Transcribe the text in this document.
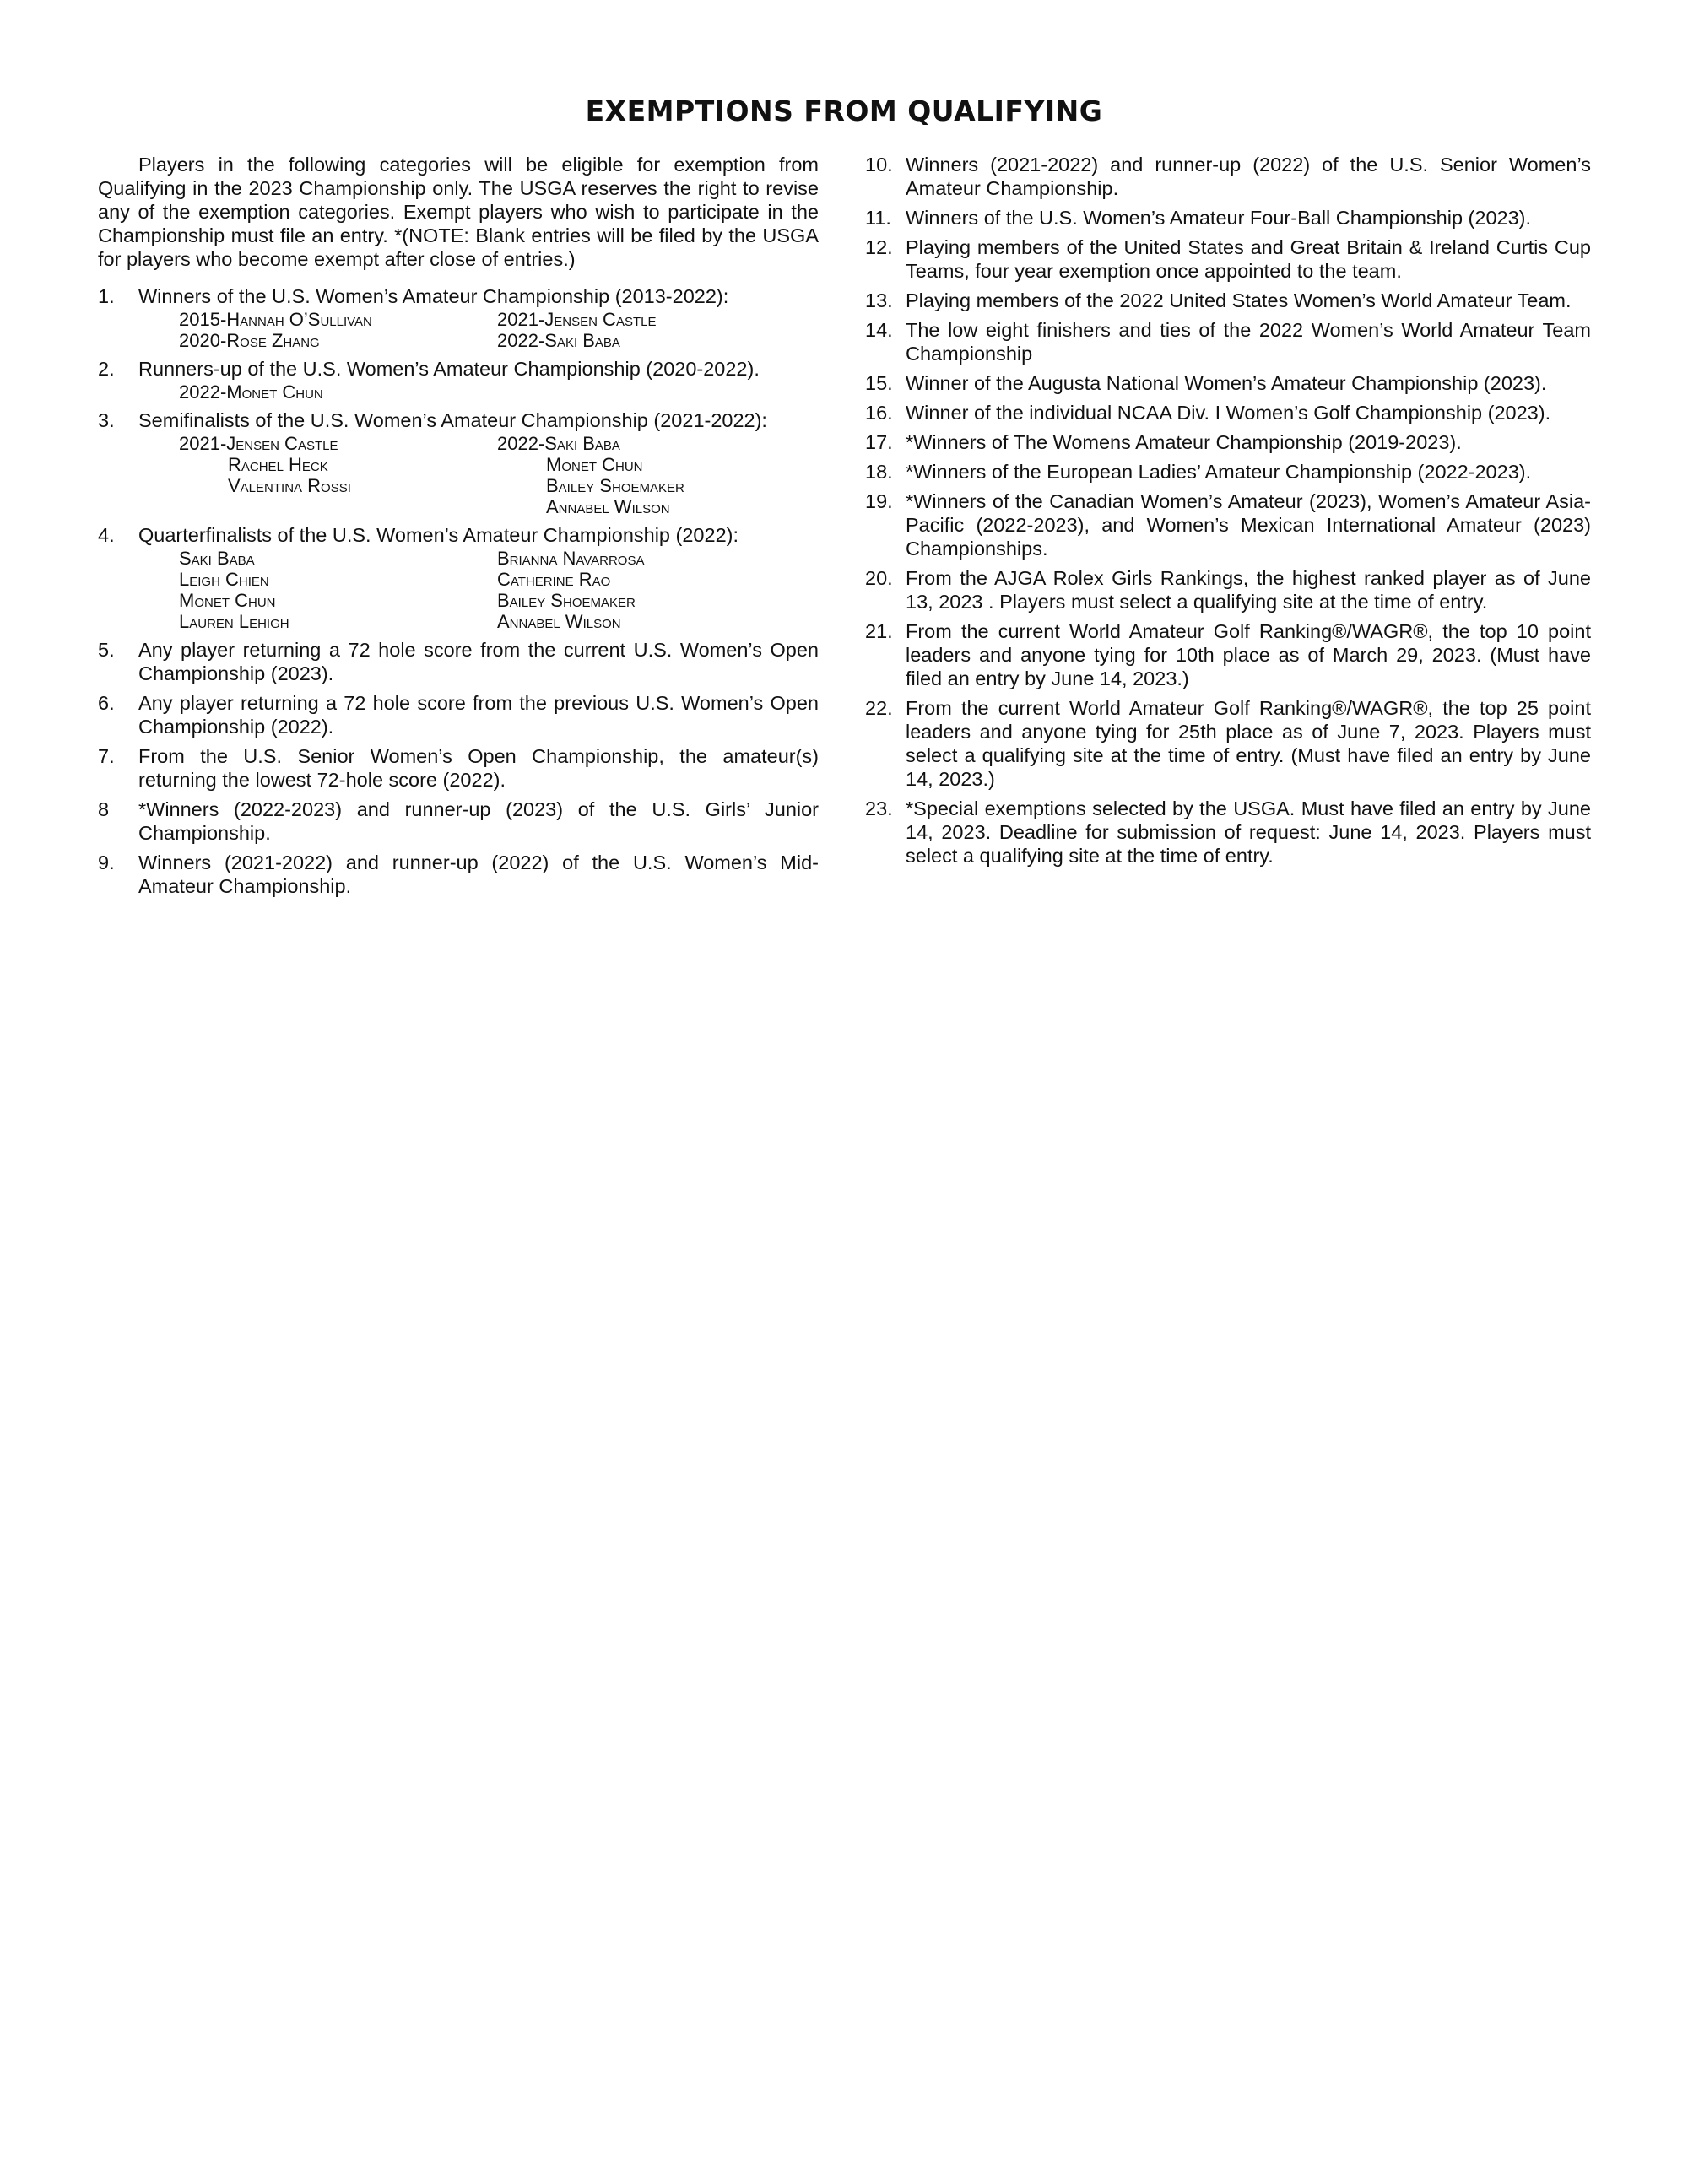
EXEMPTIONS FROM QUALIFYING

Players in the following categories will be eligible for exemption from Qualifying in the 2023 Championship only. The USGA reserves the right to revise any of the exemption categories. Exempt players who wish to participate in the Championship must file an entry. *(NOTE: Blank entries will be filed by the USGA for players who become exempt after close of entries.)

1. Winners of the U.S. Women’s Amateur Championship (2013-2022):
2015-Hannah O’Sullivan
2020-Rose Zhang
2021-Jensen Castle
2022-Saki Baba
2. Runners-up of the U.S. Women’s Amateur Championship (2020-2022).
2022-Monet Chun
3. Semifinalists of the U.S. Women’s Amateur Championship (2021-2022):
2021-Jensen Castle
Rachel Heck
Valentina Rossi
2022-Saki Baba
Monet Chun
Bailey Shoemaker
Annabel Wilson
4. Quarterfinalists of the U.S. Women’s Amateur Championship (2022):
Saki Baba
Leigh Chien
Monet Chun
Lauren Lehigh
Brianna Navarrosa
Catherine Rao
Bailey Shoemaker
Annabel Wilson
5. Any player returning a 72 hole score from the current U.S. Women’s Open Championship (2023).
6. Any player returning a 72 hole score from the previous U.S. Women’s Open Championship (2022).
7. From the U.S. Senior Women’s Open Championship, the amateur(s) returning the lowest 72-hole score (2022).
8 *Winners (2022-2023) and runner-up (2023) of the U.S. Girls’ Junior Championship.
9. Winners (2021-2022) and runner-up (2022) of the U.S. Women’s Mid-Amateur Championship.
10. Winners (2021-2022) and runner-up (2022) of the U.S. Senior Women’s Amateur Championship.
11. Winners of the U.S. Women’s Amateur Four-Ball Championship (2023).
12. Playing members of the United States and Great Britain & Ireland Curtis Cup Teams, four year exemption once appointed to the team.
13. Playing members of the 2022 United States Women’s World Amateur Team.
14. The low eight finishers and ties of the 2022 Women’s World Amateur Team Championship
15. Winner of the Augusta National Women’s Amateur Championship (2023).
16. Winner of the individual NCAA Div. I Women’s Golf Championship (2023).
17. *Winners of The Womens Amateur Championship (2019-2023).
18. *Winners of the European Ladies’ Amateur Championship (2022-2023).
19. *Winners of the Canadian Women’s Amateur (2023), Women’s Amateur Asia-Pacific (2022-2023), and Women’s Mexican International Amateur (2023) Championships.
20. From the AJGA Rolex Girls Rankings, the highest ranked player as of June 13, 2023 . Players must select a qualifying site at the time of entry.
21. From the current World Amateur Golf Ranking®/WAGR®, the top 10 point leaders and anyone tying for 10th place as of March 29, 2023. (Must have filed an entry by June 14, 2023.)
22. From the current World Amateur Golf Ranking®/WAGR®, the top 25 point leaders and anyone tying for 25th place as of June 7, 2023. Players must select a qualifying site at the time of entry. (Must have filed an entry by June 14, 2023.)
23. *Special exemptions selected by the USGA. Must have filed an entry by June 14, 2023. Deadline for submission of request: June 14, 2023. Players must select a qualifying site at the time of entry.
